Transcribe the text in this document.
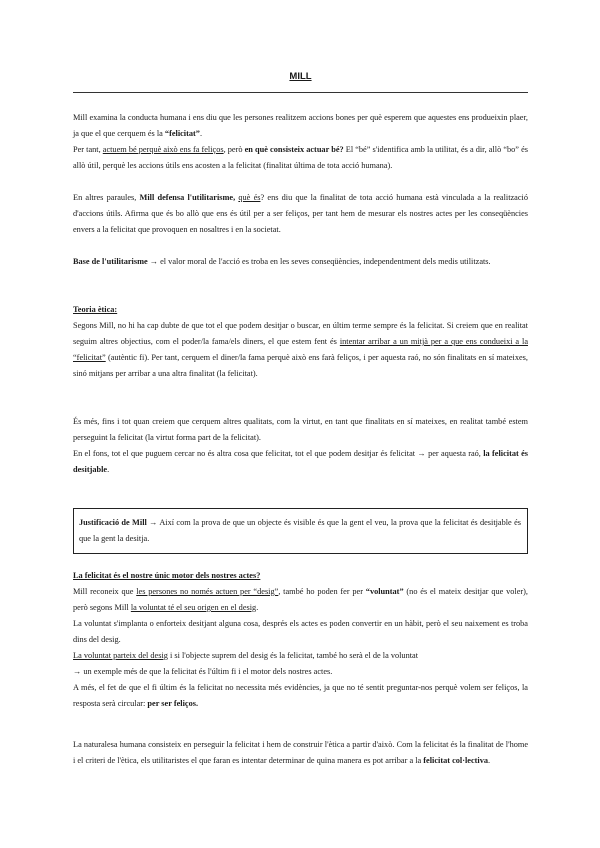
MILL

Mill examina la conducta humana i ens diu que les persones realitzem accions bones per què esperem que aquestes ens produeixin plaer, ja que el que cerquem és la “felicitat”.

Per tant, actuem bé perquè això ens fa feliços, però en què consisteix actuar bé? El “bé” s'identifica amb la utilitat, és a dir, allò “bo” és allò útil, perquè les accions útils ens acosten a la felicitat (finalitat última de tota acció humana).

En altres paraules, Mill defensa l'utilitarisme, què és? ens diu que la finalitat de tota acció humana està vinculada a la realització d'accions útils. Afirma que és bo allò que ens és útil per a ser feliços, per tant hem de mesurar els nostres actes per les conseqüències envers a la felicitat que provoquen en nosaltres i en la societat.

Base de l'utilitarisme → el valor moral de l'acció es troba en les seves conseqüències, independentment dels medis utilitzats.

Teoria ètica:

Segons Mill, no hi ha cap dubte de que tot el que podem desitjar o buscar, en últim terme sempre és la felicitat. Si creiem que en realitat seguim altres objectius, com el poder/la fama/els diners, el que estem fent és intentar arribar a un mitjà per a que ens condueixi a la “felicitat” (autèntic fi). Per tant, cerquem el diner/la fama perquè això ens farà feliços, i per aquesta raó, no són finalitats en sí mateixes, sinó mitjans per arribar a una altra finalitat (la felicitat).

És més, fins i tot quan creiem que cerquem altres qualitats, com la virtut, en tant que finalitats en sí mateixes, en realitat també estem perseguint la felicitat (la virtut forma part de la felicitat).

En el fons, tot el que puguem cercar no és altra cosa que felicitat, tot el que podem desitjar és felicitat → per aquesta raó, la felicitat és desitjable.

Justificació de Mill → Així com la prova de que un objecte és visible és que la gent el veu, la prova que la felicitat és desitjable és que la gent la desitja.

La felicitat és el nostre únic motor dels nostres actes?

Mill reconeix que les persones no només actuen per “desig”, també ho poden fer per “voluntat” (no és el mateix desitjar que voler), però segons Mill la voluntat té el seu origen en el desig.

La voluntat s'implanta o enforteix desitjant alguna cosa, després els actes es poden convertir en un hàbit, però el seu naixement es troba dins del desig.

La voluntat parteix del desig i si l'objecte suprem del desig és la felicitat, també ho serà el de la voluntat
→ un exemple més de que la felicitat és l'últim fi i el motor dels nostres actes.

A més, el fet de que el fi últim és la felicitat no necessita més evidències, ja que no té sentit preguntar-nos perquè volem ser feliços, la resposta serà circular: per ser feliços.

La naturalesa humana consisteix en perseguir la felicitat i hem de construir l'ètica a partir d'això. Com la felicitat és la finalitat de l'home i el criteri de l'ètica, els utilitaristes el que faran es intentar determinar de quina manera es pot arribar a la felicitat col·lectiva.
